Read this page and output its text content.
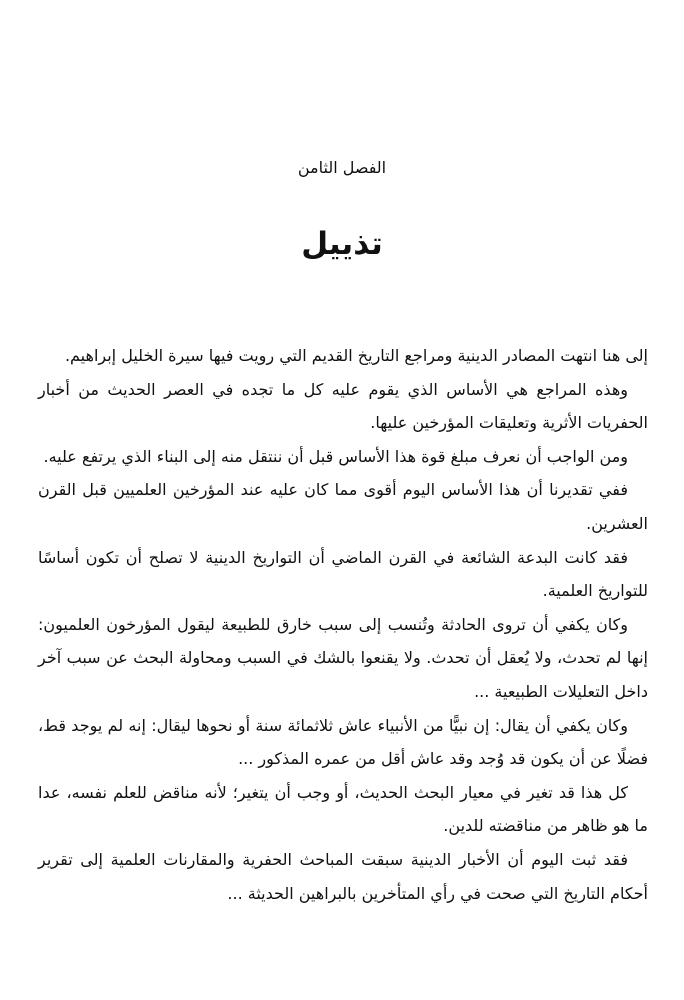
الفصل الثامن
تذييل

إلى هنا انتهت المصادر الدينية ومراجع التاريخ القديم التي رويت فيها سيرة الخليل إبراهيم.

وهذه المراجع هي الأساس الذي يقوم عليه كل ما تجده في العصر الحديث من أخبار الحفريات الأثرية وتعليقات المؤرخين عليها.

ومن الواجب أن نعرف مبلغ قوة هذا الأساس قبل أن ننتقل منه إلى البناء الذي يرتفع عليه.

ففي تقديرنا أن هذا الأساس اليوم أقوى مما كان عليه عند المؤرخين العلميين قبل القرن العشرين.

فقد كانت البدعة الشائعة في القرن الماضي أن التواريخ الدينية لا تصلح أن تكون أساسًا للتواريخ العلمية.

وكان يكفي أن تروى الحادثة وتُنسب إلى سبب خارق للطبيعة ليقول المؤرخون العلميون: إنها لم تحدث، ولا يُعقل أن تحدث. ولا يقنعوا بالشك في السبب ومحاولة البحث عن سبب آخر داخل التعليلات الطبيعية ...

وكان يكفي أن يقال: إن نبيًّا من الأنبياء عاش ثلاثمائة سنة أو نحوها ليقال: إنه لم يوجد قط، فضلًا عن أن يكون قد وُجد وقد عاش أقل من عمره المذكور ...

كل هذا قد تغير في معيار البحث الحديث، أو وجب أن يتغير؛ لأنه مناقض للعلم نفسه، عدا ما هو ظاهر من مناقضته للدين.

فقد ثبت اليوم أن الأخبار الدينية سبقت المباحث الحفرية والمقارنات العلمية إلى تقرير أحكام التاريخ التي صحت في رأي المتأخرين بالبراهين الحديثة ...
